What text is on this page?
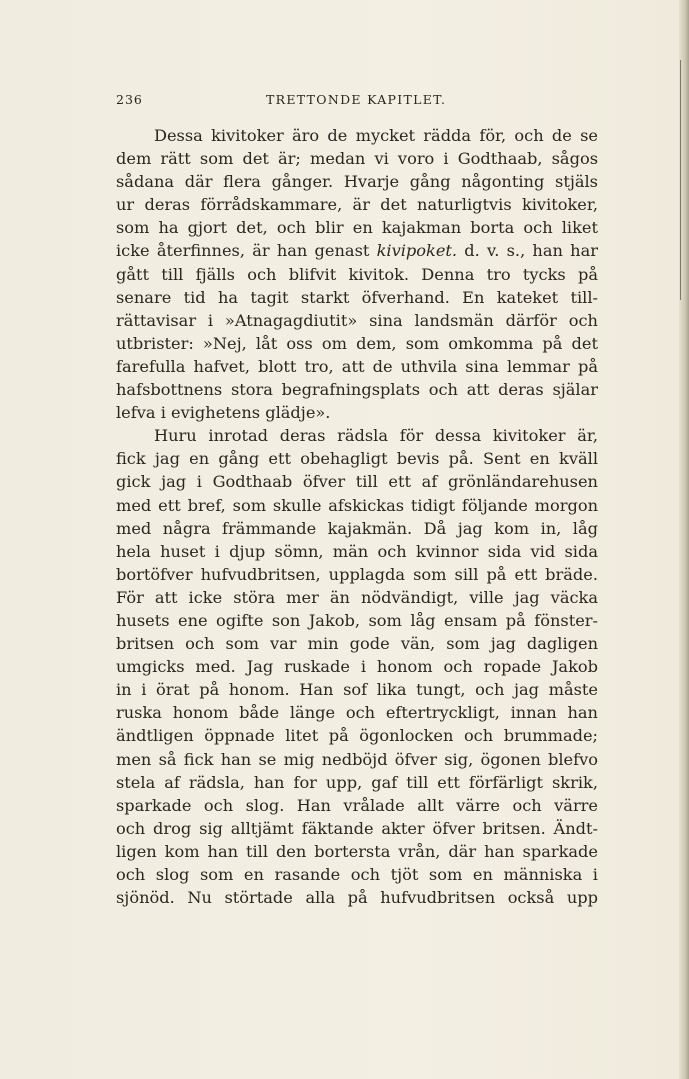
236	TRETTONDE KAPITLET.
Dessa kivitoker äro de mycket rädda för, och de se
dem rätt som det är; medan vi voro i Godthaab, sågos
sådana där flera gånger. Hvarje gång någonting stjäls
ur deras förrådskammare, är det naturligtvis kivitoker,
som ha gjort det, och blir en kajakman borta och liket
icke återfinnes, är han genast kivipoket. d. v. s., han har
gått till fjälls och blifvit kivitok. Denna tro tycks på
senare tid ha tagit starkt öfverhand. En kateket till-
rättavisar i »Atnagagdiutit» sina landsmän därför och
utbrister: »Nej, låt oss om dem, som omkomma på det
farefulla hafvet, blott tro, att de uthvila sina lemmar på
hafsbottnens stora begrafningsplats och att deras själar
lefva i evighetens glädje».
Huru inrotad deras rädsla för dessa kivitoker är,
fick jag en gång ett obehagligt bevis på. Sent en kväll
gick jag i Godthaab öfver till ett af grönländarehusen
med ett bref, som skulle afskickas tidigt följande morgon
med några främmande kajakmän. Då jag kom in, låg
hela huset i djup sömn, män och kvinnor sida vid sida
bortöfver hufvudbritsen, upplagda som sill på ett bräde.
För att icke störa mer än nödvändigt, ville jag väcka
husets ene ogifte son Jakob, som låg ensam på fönster-
britsen och som var min gode vän, som jag dagligen
umgicks med. Jag ruskade i honom och ropade Jakob
in i örat på honom. Han sof lika tungt, och jag måste
ruska honom både länge och eftertryckligt, innan han
ändtligen öppnade litet på ögonlocken och brummade;
men så fick han se mig nedböjd öfver sig, ögonen blefvo
stela af rädsla, han for upp, gaf till ett förfärligt skrik,
sparkade och slog. Han vrålade allt värre och värre
och drog sig alltjämt fäktande akter öfver britsen. Ändt-
ligen kom han till den bortersta vrån, där han sparkade
och slog som en rasande och tjöt som en människa i
sjönöd. Nu störtade alla på hufvudbritsen också upp
